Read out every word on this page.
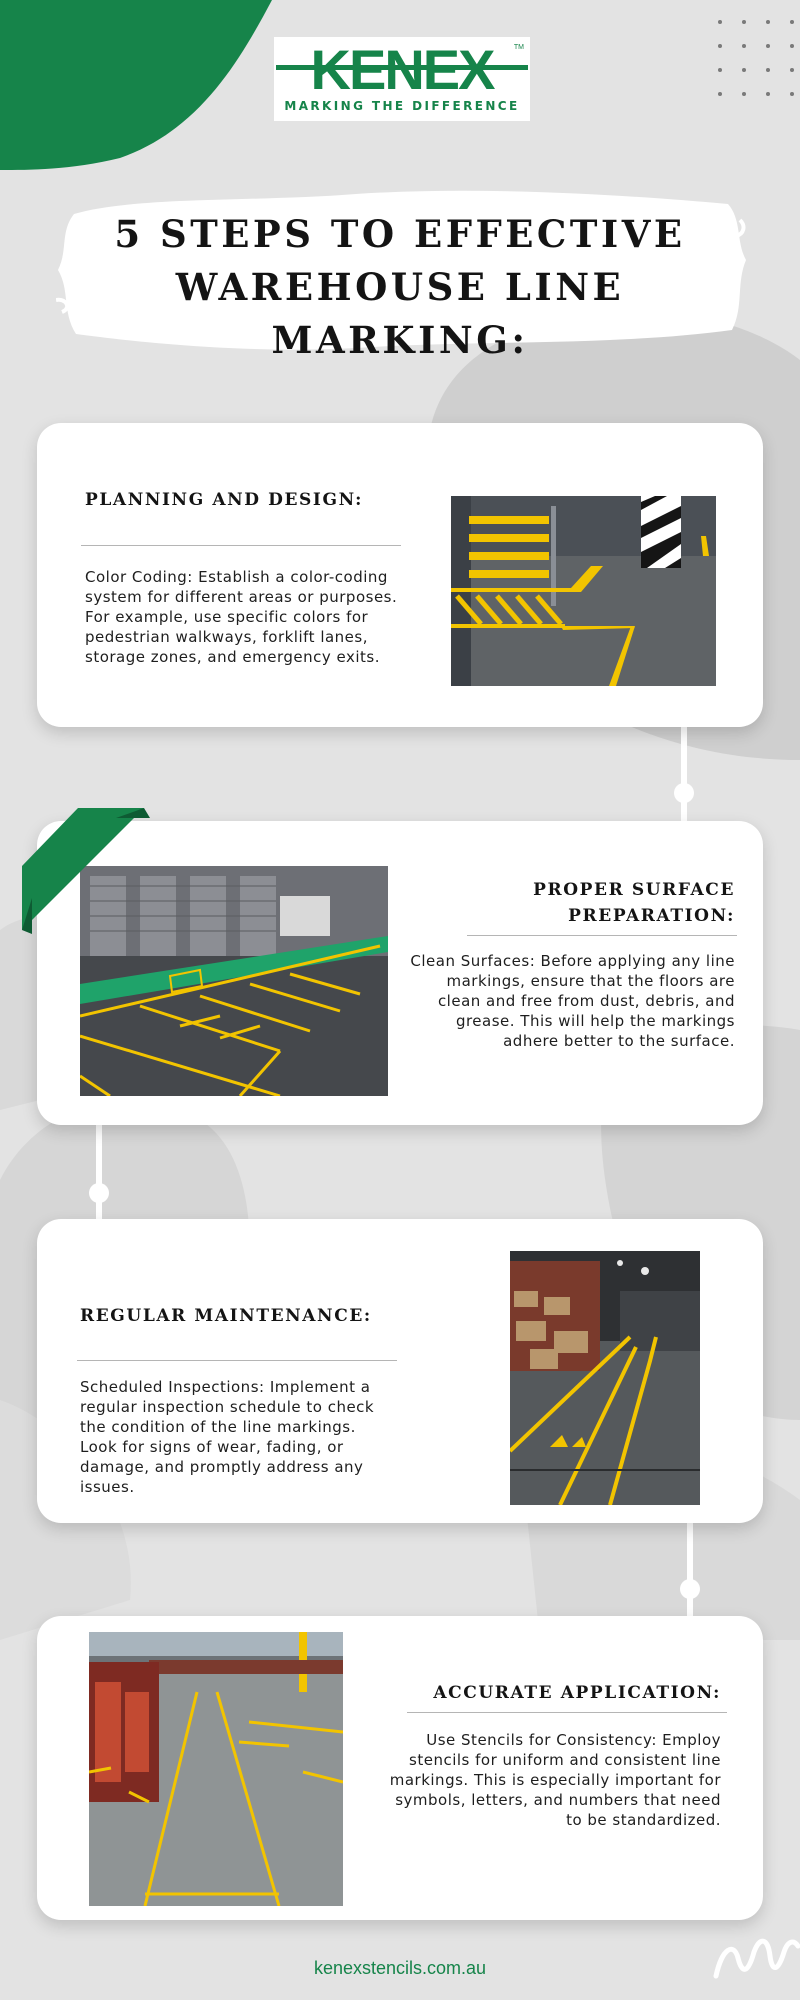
KENEX	TM
MARKING THE DIFFERENCE
5 STEPS TO EFFECTIVE
WAREHOUSE LINE MARKING:
PLANNING AND DESIGN:
Color Coding: Establish a color-coding system for different areas or purposes. For example, use specific colors for pedestrian walkways, forklift lanes, storage zones, and emergency exits.
PROPER SURFACE PREPARATION:
Clean Surfaces: Before applying any line markings, ensure that the floors are clean and free from dust, debris, and grease. This will help the markings adhere better to the surface.
REGULAR MAINTENANCE:
Scheduled Inspections: Implement a regular inspection schedule to check the condition of the line markings. Look for signs of wear, fading, or damage, and promptly address any issues.
ACCURATE APPLICATION:
Use Stencils for Consistency: Employ stencils for uniform and consistent line markings. This is especially important for symbols, letters, and numbers that need to be standardized.
kenexstencils.com.au
